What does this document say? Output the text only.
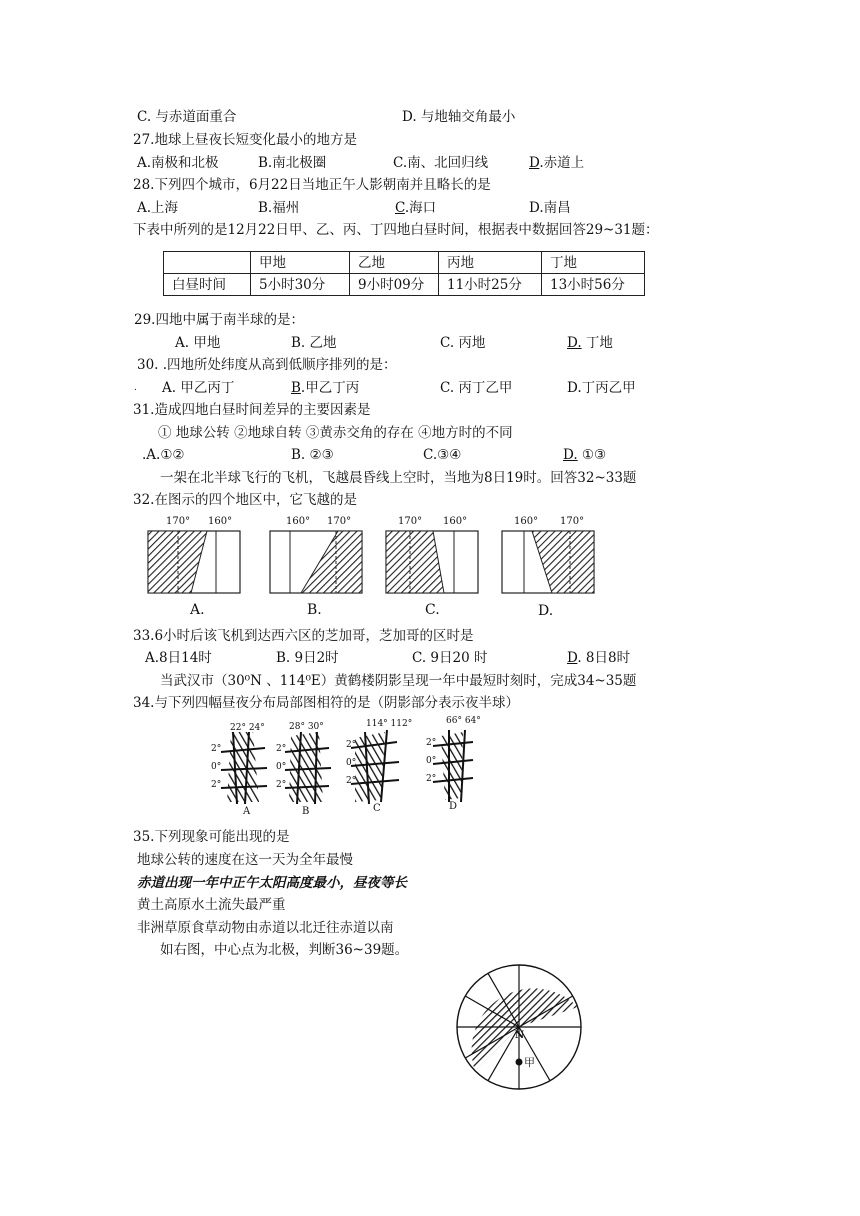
C. 与赤道面重合	D. 与地轴交角最小
27.地球上昼夜长短变化最小的地方是
A.南极和北极	B.南北极圈	C.南、北回归线	D.赤道上
28.下列四个城市，6月22日当地正午人影朝南并且略长的是
A.上海	B.福州	C.海口	D.南昌
下表中所列的是12月22日甲、乙、丙、丁四地白昼时间，根据表中数据回答29~31题：
	甲地	乙地	丙地	丁地
白昼时间	5小时30分	9小时09分	11小时25分	13小时56分
29.四地中属于南半球的是：
A. 甲地	B. 乙地	C. 丙地	D. 丁地
30. .四地所处纬度从高到低顺序排列的是：
. A. 甲乙丙丁	B.甲乙丁丙	C. 丙丁乙甲	D.丁丙乙甲
31.造成四地白昼时间差异的主要因素是
① 地球公转 ②地球自转 ③黄赤交角的存在 ④地方时的不同
.A.①②	B. ②③	C.③④	D. ①③
一架在北半球飞行的飞机，飞越晨昏线上空时，当地为8日19时。回答32~33题
32.在图示的四个地区中，它飞越的是
170° 160°	160° 170°	170° 160°	160° 170°
A.	B.	C.	D.
33.6小时后该飞机到达西六区的芝加哥，芝加哥的区时是
A.8日14时	B. 9日2时	C. 9日20 时	D. 8日8时
当武汉市（30⁰N 、114⁰E）黄鹤楼阴影呈现一年中最短时刻时，完成34~35题
34.与下列四幅昼夜分布局部图相符的是（阴影部分表示夜半球）
22° 24°	28° 30°	114° 112°	66° 64°
2°
0°
2°
2°
0°
2°
2°
0°
2°
2°
0°
2°
A	B	C	D
35.下列现象可能出现的是
地球公转的速度在这一天为全年最慢
赤道出现一年中正午太阳高度最小，昼夜等长
黄土高原水土流失最严重
非洲草原食草动物由赤道以北迁往赤道以南
如右图，中心点为北极，判断36~39题。
N
甲
